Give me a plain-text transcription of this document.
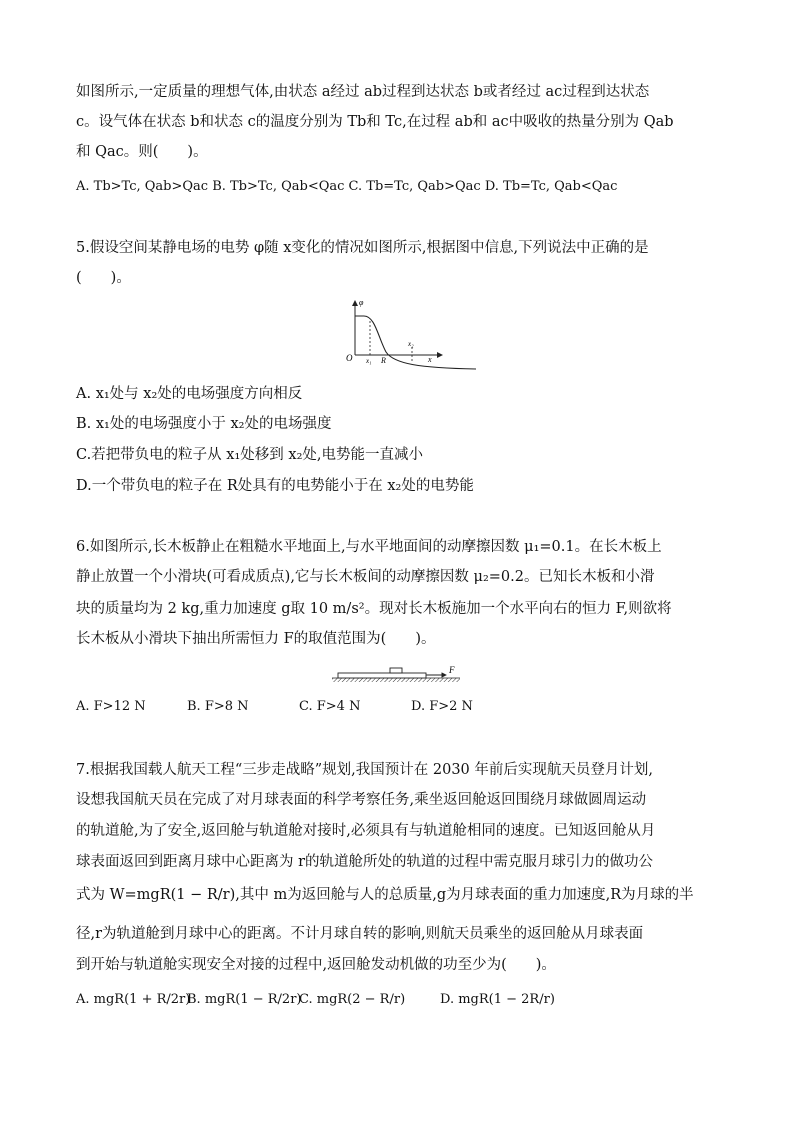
如图所示,一定质量的理想气体,由状态 a经过 ab过程到达状态 b或者经过 ac过程到达状态
c。设气体在状态 b和状态 c的温度分别为 Tb和 Tc,在过程 ab和 ac中吸收的热量分别为 Qab
和 Qac。则(　　)。
A. Tb>Tc, Qab>Qac B. Tb>Tc, Qab<Qac C. Tb=Tc, Qab>Qac D. Tb=Tc, Qab<Qac
5.假设空间某静电场的电势 φ随 x变化的情况如图所示,根据图中信息,下列说法中正确的是
(　　)。
φ
O x₁ R
x₂
x
A. x₁处与 x₂处的电场强度方向相反
B. x₁处的电场强度小于 x₂处的电场强度
C.若把带负电的粒子从 x₁处移到 x₂处,电势能一直减小
D.一个带负电的粒子在 R处具有的电势能小于在 x₂处的电势能
6.如图所示,长木板静止在粗糙水平地面上,与水平地面间的动摩擦因数 μ₁=0.1。在长木板上
静止放置一个小滑块(可看成质点),它与长木板间的动摩擦因数 μ₂=0.2。已知长木板和小滑
块的质量均为 2 kg,重力加速度 g取 10 m/s²。现对长木板施加一个水平向右的恒力 F,则欲将
长木板从小滑块下抽出所需恒力 F的取值范围为(　　)。
F
A. F>12 N	B. F>8 N	C. F>4 N	D. F>2 N
7.根据我国载人航天工程“三步走战略”规划,我国预计在 2030 年前后实现航天员登月计划,
设想我国航天员在完成了对月球表面的科学考察任务,乘坐返回舱返回围绕月球做圆周运动
的轨道舱,为了安全,返回舱与轨道舱对接时,必须具有与轨道舱相同的速度。已知返回舱从月
球表面返回到距离月球中心距离为 r的轨道舱所处的轨道的过程中需克服月球引力的做功公
式为 W=mgR(1 − R/r),其中 m为返回舱与人的总质量,g为月球表面的重力加速度,R为月球的半
径,r为轨道舱到月球中心的距离。不计月球自转的影响,则航天员乘坐的返回舱从月球表面
到开始与轨道舱实现安全对接的过程中,返回舱发动机做的功至少为(　　)。
A. mgR(1 + R/2r)
B. mgR(1 − R/2r)
C. mgR(2 − R/r)	D. mgR(1 − 2R/r)
